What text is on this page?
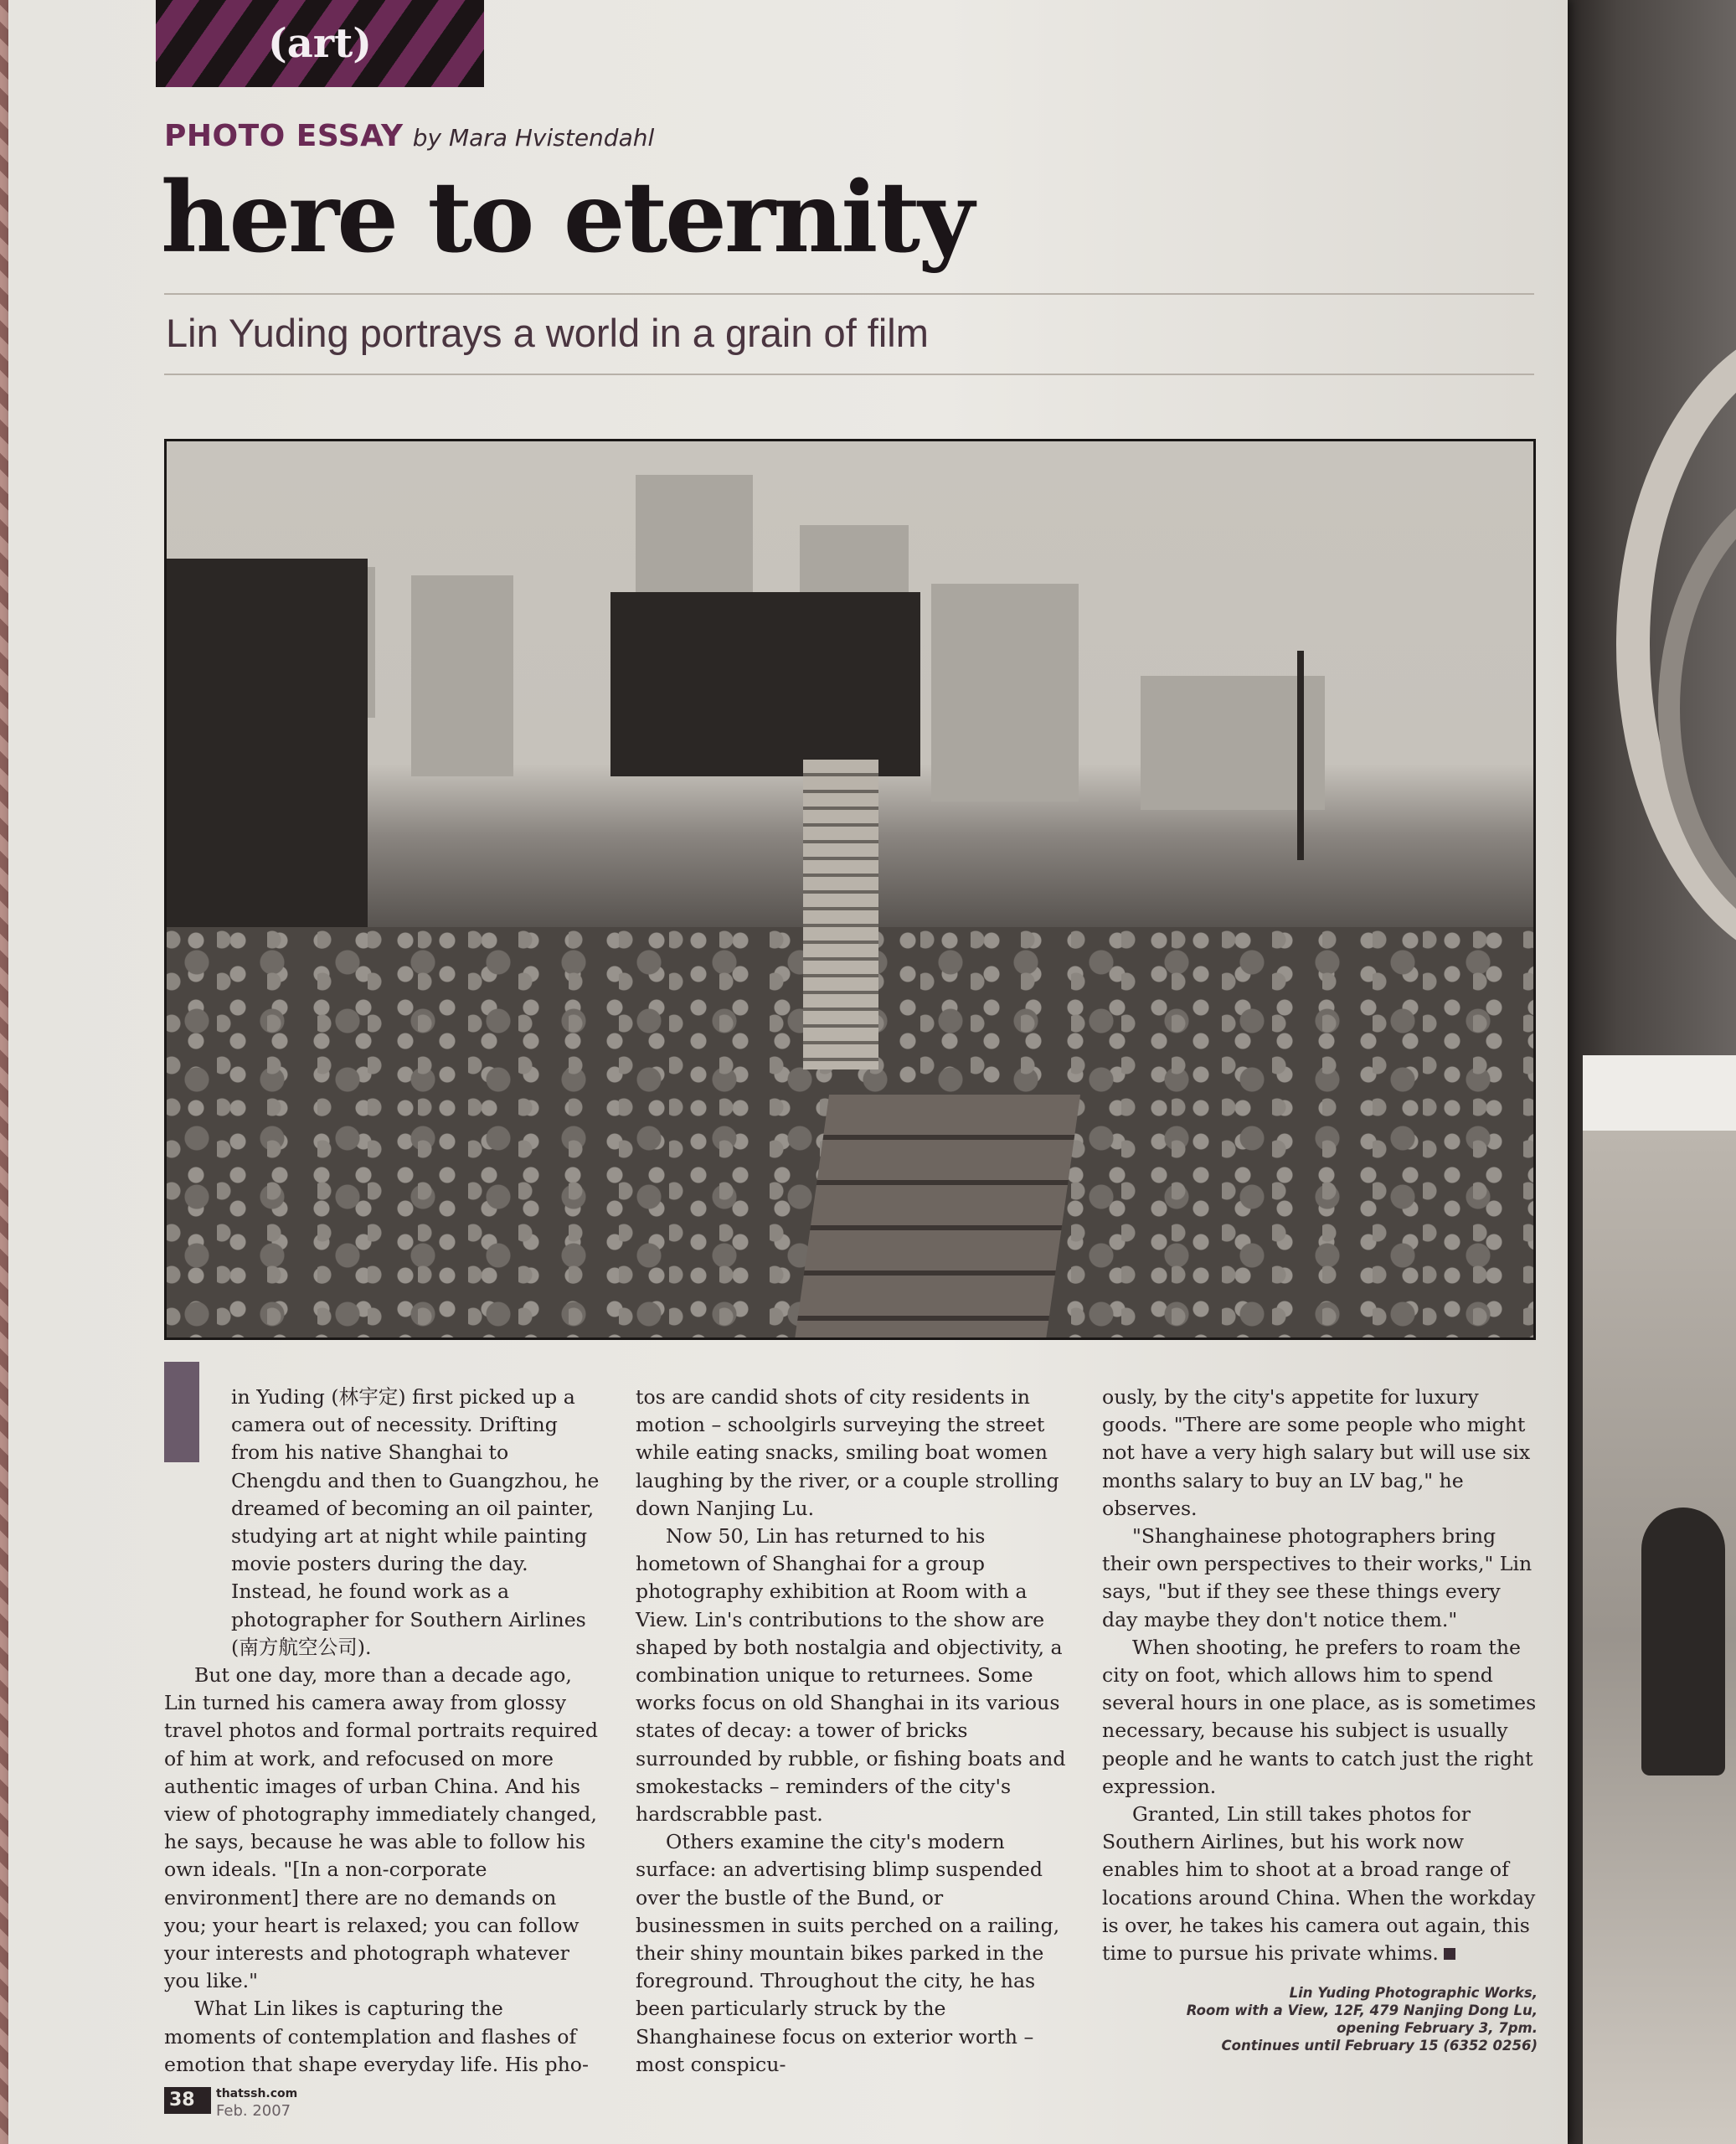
(art)
PHOTO ESSAY by Mara Hvistendahl
here to eternity
Lin Yuding portrays a world in a grain of film

in Yuding (林宇定) first picked up a camera out of necessity. Drifting from his native Shanghai to Chengdu and then to Guangzhou, he dreamed of becoming an oil painter, studying art at night while painting movie posters during the day. Instead, he found work as a photographer for Southern Airlines (南方航空公司).

But one day, more than a decade ago, Lin turned his camera away from glossy travel photos and formal portraits required of him at work, and refocused on more authentic images of urban China. And his view of photography immediately changed, he says, because he was able to follow his own ideals. "[In a non-corporate environment] there are no demands on you; your heart is relaxed; you can follow your interests and photograph whatever you like."

What Lin likes is capturing the moments of contemplation and flashes of emotion that shape everyday life. His pho-

tos are candid shots of city residents in motion – schoolgirls surveying the street while eating snacks, smiling boat women laughing by the river, or a couple strolling down Nanjing Lu.

Now 50, Lin has returned to his hometown of Shanghai for a group photography exhibition at Room with a View. Lin's contributions to the show are shaped by both nostalgia and objectivity, a combination unique to returnees. Some works focus on old Shanghai in its various states of decay: a tower of bricks surrounded by rubble, or fishing boats and smokestacks – reminders of the city's hardscrabble past.

Others examine the city's modern surface: an advertising blimp suspended over the bustle of the Bund, or businessmen in suits perched on a railing, their shiny mountain bikes parked in the foreground. Throughout the city, he has been particularly struck by the Shanghainese focus on exterior worth – most conspicu-

ously, by the city's appetite for luxury goods. "There are some people who might not have a very high salary but will use six months salary to buy an LV bag," he observes.

"Shanghainese photographers bring their own perspectives to their works," Lin says, "but if they see these things every day maybe they don't notice them."

When shooting, he prefers to roam the city on foot, which allows him to spend several hours in one place, as is sometimes necessary, because his subject is usually people and he wants to catch just the right expression.

Granted, Lin still takes photos for Southern Airlines, but his work now enables him to shoot at a broad range of locations around China. When the workday is over, he takes his camera out again, this time to pursue his private whims.

Lin Yuding Photographic Works,
Room with a View, 12F, 479 Nanjing Dong Lu,
opening February 3, 7pm.
Continues until February 15 (6352 0256)
38	thatssh.com
Feb. 2007
